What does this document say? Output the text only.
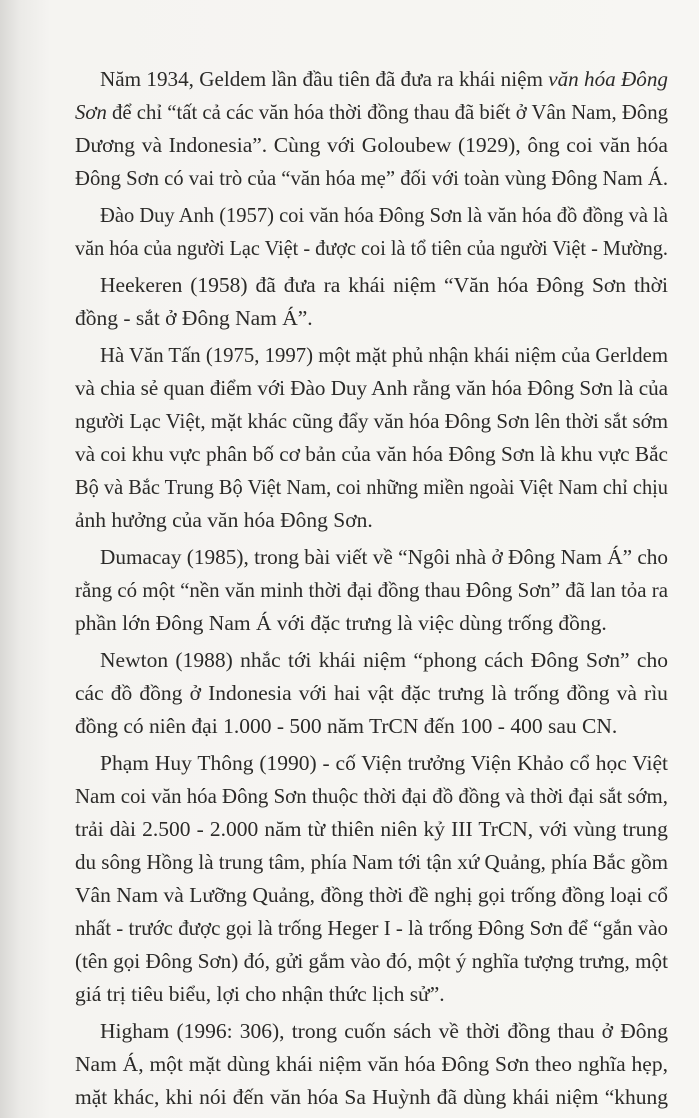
Năm 1934, Geldem lần đầu tiên đã đưa ra khái niệm văn hóa Đông
Sơn để chỉ “tất cả các văn hóa thời đồng thau đã biết ở Vân Nam, Đông
Dương và Indonesia”. Cùng với Goloubew (1929), ông coi văn hóa
Đông Sơn có vai trò của “văn hóa mẹ” đối với toàn vùng Đông Nam Á.
Đào Duy Anh (1957) coi văn hóa Đông Sơn là văn hóa đồ đồng và là
văn hóa của người Lạc Việt - được coi là tổ tiên của người Việt - Mường.
Heekeren (1958) đã đưa ra khái niệm “Văn hóa Đông Sơn thời
đồng - sắt ở Đông Nam Á”.
Hà Văn Tấn (1975, 1997) một mặt phủ nhận khái niệm của Gerldem
và chia sẻ quan điểm với Đào Duy Anh rằng văn hóa Đông Sơn là của
người Lạc Việt, mặt khác cũng đẩy văn hóa Đông Sơn lên thời sắt sớm
và coi khu vực phân bố cơ bản của văn hóa Đông Sơn là khu vực Bắc
Bộ và Bắc Trung Bộ Việt Nam, coi những miền ngoài Việt Nam chỉ chịu
ảnh hưởng của văn hóa Đông Sơn.
Dumacay (1985), trong bài viết về “Ngôi nhà ở Đông Nam Á” cho
rằng có một “nền văn minh thời đại đồng thau Đông Sơn” đã lan tỏa ra
phần lớn Đông Nam Á với đặc trưng là việc dùng trống đồng.
Newton (1988) nhắc tới khái niệm “phong cách Đông Sơn” cho
các đồ đồng ở Indonesia với hai vật đặc trưng là trống đồng và rìu
đồng có niên đại 1.000 - 500 năm TrCN đến 100 - 400 sau CN.
Phạm Huy Thông (1990) - cố Viện trưởng Viện Khảo cổ học Việt
Nam coi văn hóa Đông Sơn thuộc thời đại đồ đồng và thời đại sắt sớm,
trải dài 2.500 - 2.000 năm từ thiên niên kỷ III TrCN, với vùng trung
du sông Hồng là trung tâm, phía Nam tới tận xứ Quảng, phía Bắc gồm
Vân Nam và Lưỡng Quảng, đồng thời đề nghị gọi trống đồng loại cổ
nhất - trước được gọi là trống Heger I - là trống Đông Sơn để “gắn vào
(tên gọi Đông Sơn) đó, gửi gắm vào đó, một ý nghĩa tượng trưng, một
giá trị tiêu biểu, lợi cho nhận thức lịch sử”.
Higham (1996: 306), trong cuốn sách về thời đồng thau ở Đông
Nam Á, một mặt dùng khái niệm văn hóa Đông Sơn theo nghĩa hẹp,
mặt khác, khi nói đến văn hóa Sa Huỳnh đã dùng khái niệm “khung
